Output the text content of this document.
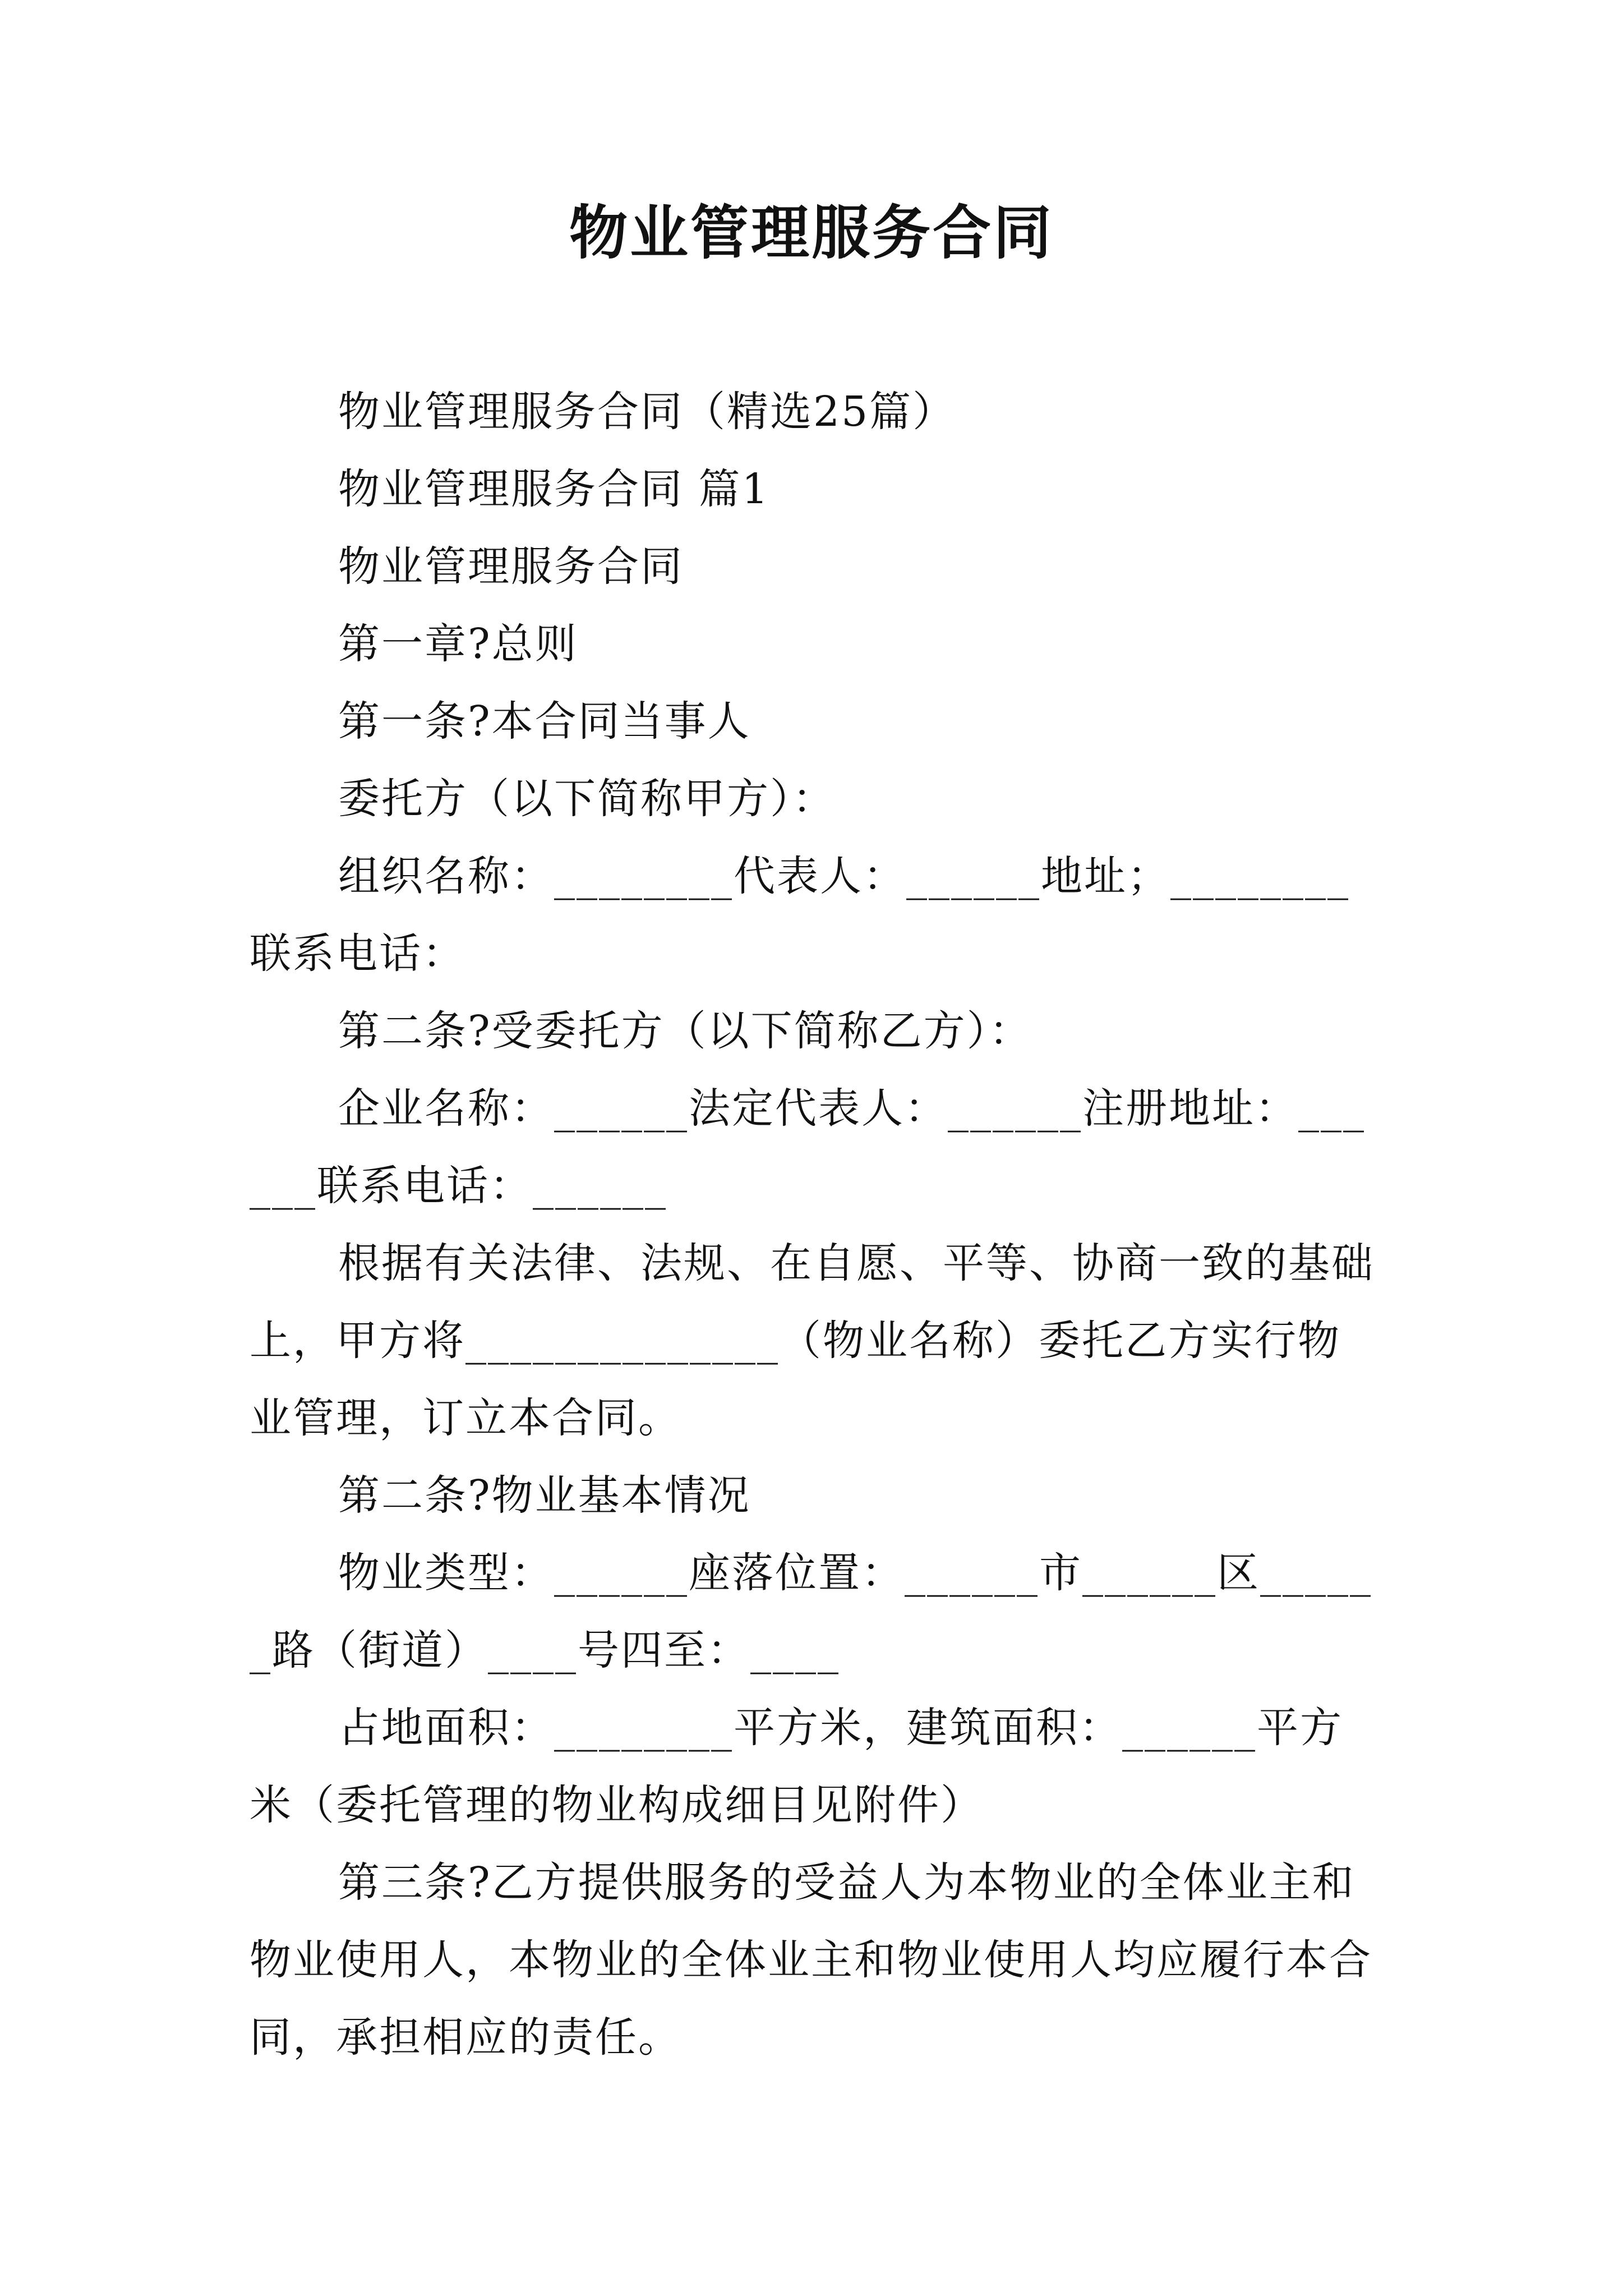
物业管理服务合同

物业管理服务合同（精选25篇）

物业管理服务合同 篇1

物业管理服务合同

第一章?总则

第一条?本合同当事人

委托方（以下简称甲方）：

组织名称：________代表人：______地址；________联系电话：

第二条?受委托方（以下简称乙方）：

企业名称：______法定代表人：______注册地址：______联系电话：______

根据有关法律、法规、在自愿、平等、协商一致的基础上，甲方将______________（物业名称）委托乙方实行物业管理，订立本合同。

第二条?物业基本情况

物业类型：______座落位置：______市______区______路（街道）____号四至：____

占地面积：________平方米，建筑面积：______平方米（委托管理的物业构成细目见附件）

第三条?乙方提供服务的受益人为本物业的全体业主和物业使用人，本物业的全体业主和物业使用人均应履行本合同，承担相应的责任。
